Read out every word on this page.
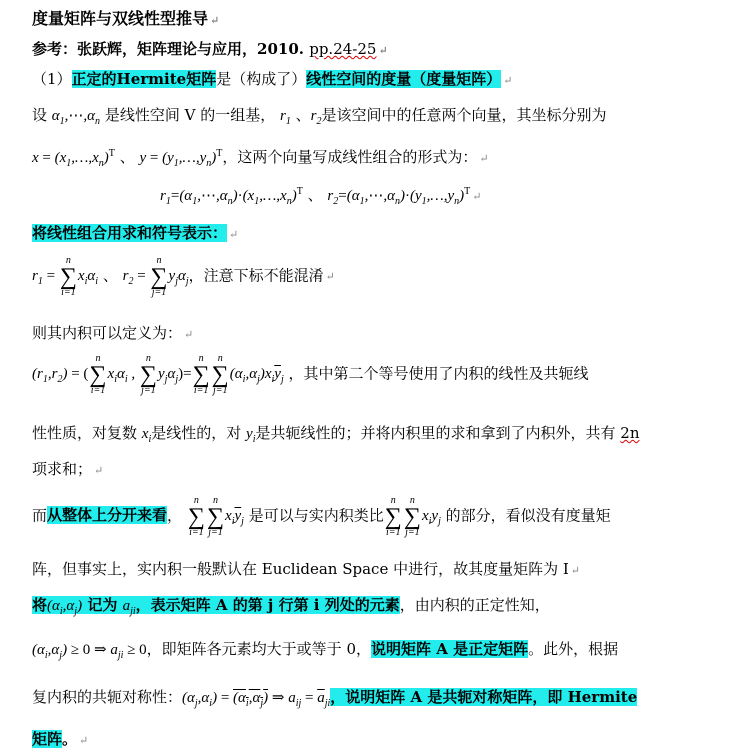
度量矩阵与双线性型推导 ↵
参考：张跃辉，矩阵理论与应用，2010. pp.24-25 ↵
（1）正定的Hermite矩阵是（构成了）线性空间的度量（度量矩阵） ↵
设 $\alpha_1,\cdots,\alpha_n$ 是线性空间 V 的一组基， $r_1$ 、$r_2$是该空间中的任意两个向量，其坐标分别为
$x = (x_1,\dots,x_n)^T$ 、 $y = (y_1,\dots,y_n)^T$，这两个向量写成线性组合的形式为： ↵
$r_1=(\alpha_1,\cdots,\alpha_n)\cdot(x_1,\dots,x_n)^T$ 、 $r_2=(\alpha_1,\cdots,\alpha_n)\cdot(y_1,\dots,y_n)^T$ ↵
将线性组合用求和符号表示： ↵
$r_1$ =
n
∑
i=1
$x_i\alpha_i$ 、 $r_2$ =
n
∑
j=1
$y_j\alpha_j$，注意下标不能混淆 ↵
则其内积可以定义为： ↵
$(r_1,r_2)$ = (
n
∑
i=1
$x_i\alpha_i$ ,
n
∑
j=1
$y_j\alpha_j)=$
n
∑
i=1
n
∑
j=1
$(\alpha_i,\alpha_j)x_i\overline{y}_j$ ，其中第二个等号使用了内积的线性及共轭线
性性质，对复数 $x_i$是线性的，对 $y_i$是共轭线性的；并将内积里的求和拿到了内积外，共有 2n
项求和； ↵
而从整体上分开来看，
n
∑
i=1
n
∑
j=1
$x_i\overline{y}_j$ 是可以与实内积类比
n
∑
i=1
n
∑
j=1
$x_iy_j$ 的部分，看似没有度量矩
阵，但事实上，实内积一般默认在 Euclidean Space 中进行，故其度量矩阵为 I ↵
将$(\alpha_i,\alpha_j)$ 记为 $a_{ji}$，表示矩阵 A 的第 j 行第 i 列处的元素，由内积的正定性知，
$(\alpha_i,\alpha_j) \ge 0$ ⇒ $a_{ji} \ge 0$，即矩阵各元素均大于或等于 0，说明矩阵 A 是正定矩阵。此外，根据
复内积的共轭对称性：$(\alpha_j,\alpha_i) = (\alpha_i,\alpha_j)$ ⇒ $a_{ij} = \overline{a}_{ji}$，说明矩阵 A 是共轭对称矩阵，即 Hermite
矩阵。 ↵
